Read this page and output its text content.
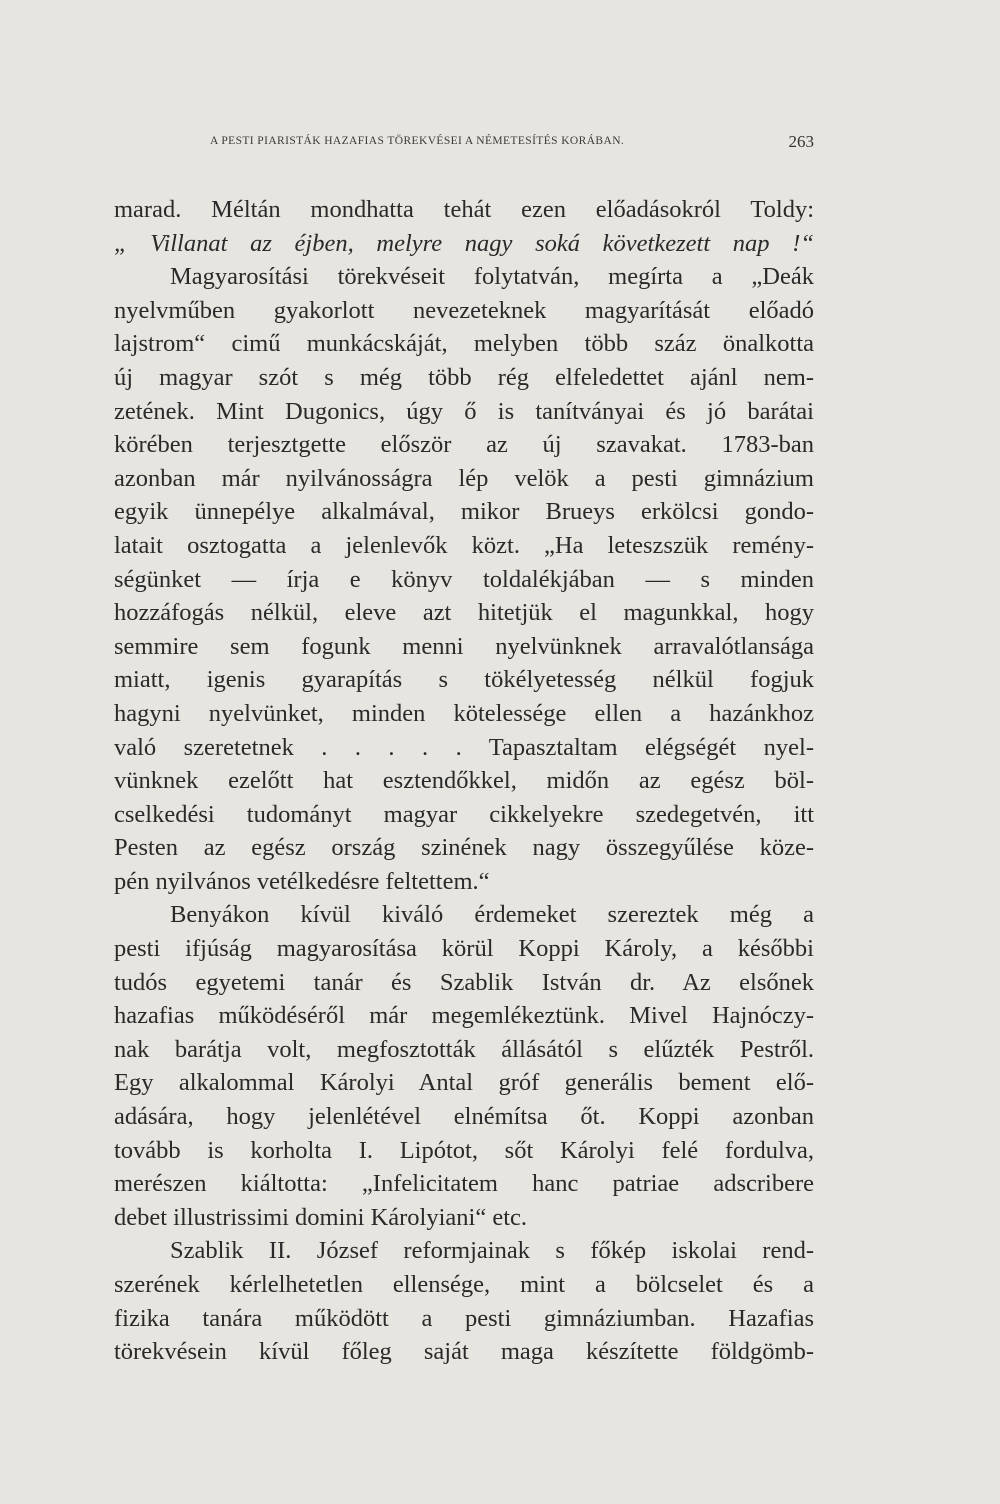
A PESTI PIARISTÁK HAZAFIAS TÖREKVÉSEI A NÉMETESÍTÉS KORÁBAN.	263
marad. Méltán mondhatta tehát ezen előadásokról Toldy:
„ Villanat az éjben, melyre nagy soká következett nap !“
Magyarosítási törekvéseit folytatván, megírta a „Deák
nyelvműben gyakorlott nevezeteknek magyarítását előadó
lajstrom“ cimű munkácskáját, melyben több száz önalkotta
új magyar szót s még több rég elfeledettet ajánl nem-
zetének. Mint Dugonics, úgy ő is tanítványai és jó barátai
körében terjesztgette először az új szavakat. 1783-ban
azonban már nyilvánosságra lép velök a pesti gimnázium
egyik ünnepélye alkalmával, mikor Brueys erkölcsi gondo-
latait osztogatta a jelenlevők közt. „Ha leteszszük remény-
ségünket — írja e könyv toldalékjában — s minden
hozzáfogás nélkül, eleve azt hitetjük el magunkkal, hogy
semmire sem fogunk menni nyelvünknek arravalótlansága
miatt, igenis gyarapítás s tökélyetesség nélkül fogjuk
hagyni nyelvünket, minden kötelessége ellen a hazánkhoz
való szeretetnek . . . . . Tapasztaltam elégségét nyel-
vünknek ezelőtt hat esztendőkkel, midőn az egész böl-
cselkedési tudományt magyar cikkelyekre szedegetvén, itt
Pesten az egész ország szinének nagy összegyűlése köze-
pén nyilvános vetélkedésre feltettem.“
Benyákon kívül kiváló érdemeket szereztek még a
pesti ifjúság magyarosítása körül Koppi Károly, a későbbi
tudós egyetemi tanár és Szablik István dr. Az elsőnek
hazafias működéséről már megemlékeztünk. Mivel Hajnóczy-
nak barátja volt, megfosztották állásától s elűzték Pestről.
Egy alkalommal Károlyi Antal gróf generális bement elő-
adására, hogy jelenlétével elnémítsa őt. Koppi azonban
tovább is korholta I. Lipótot, sőt Károlyi felé fordulva,
merészen kiáltotta: „Infelicitatem hanc patriae adscribere
debet illustrissimi domini Károlyiani“ etc.
Szablik II. József reformjainak s főkép iskolai rend-
szerének kérlelhetetlen ellensége, mint a bölcselet és a
fizika tanára működött a pesti gimnáziumban. Hazafias
törekvésein kívül főleg saját maga készítette földgömb-
